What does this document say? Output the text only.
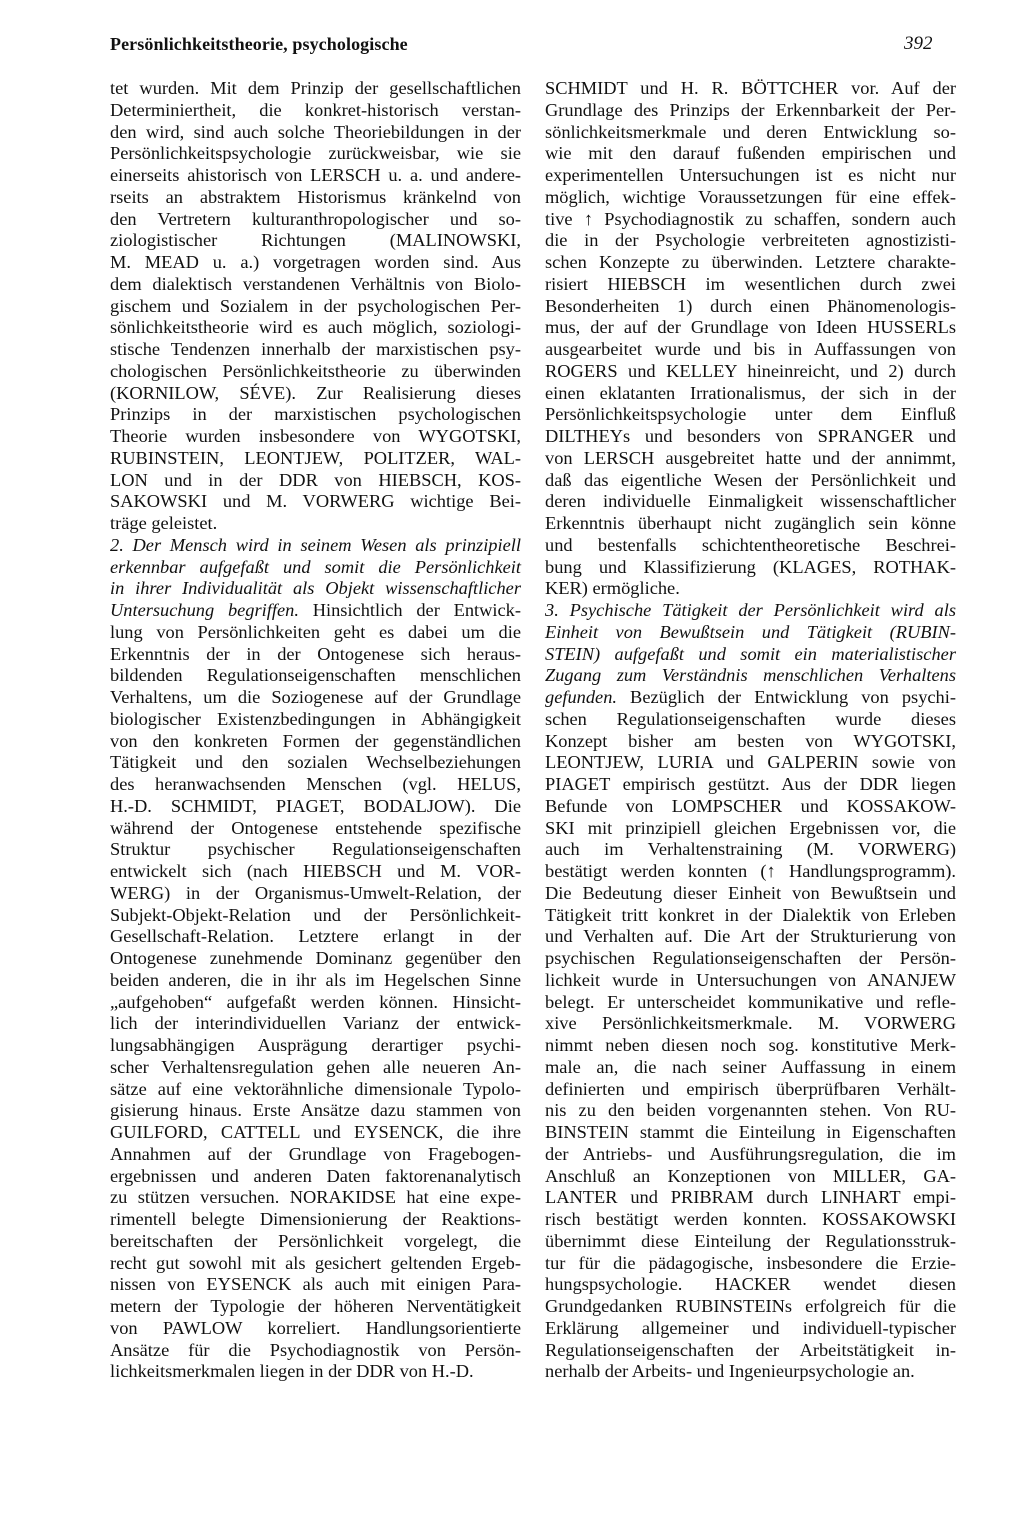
Persönlichkeitstheorie, psychologische	392
tet wurden. Mit dem Prinzip der gesellschaftlichen
Determiniertheit, die konkret-historisch verstan-
den wird, sind auch solche Theoriebildungen in der
Persönlichkeitspsychologie zurückweisbar, wie sie
einerseits ahistorisch von LERSCH u. a. und andere-
rseits an abstraktem Historismus kränkelnd von
den Vertretern kulturanthropologischer und so-
ziologistischer Richtungen (MALINOWSKI,
M. MEAD u. a.) vorgetragen worden sind. Aus
dem dialektisch verstandenen Verhältnis von Biolo-
gischem und Sozialem in der psychologischen Per-
sönlichkeitstheorie wird es auch möglich, soziologi-
stische Tendenzen innerhalb der marxistischen psy-
chologischen Persönlichkeitstheorie zu überwinden
(KORNILOW, SÉVE). Zur Realisierung dieses
Prinzips in der marxistischen psychologischen
Theorie wurden insbesondere von WYGOTSKI,
RUBINSTEIN, LEONTJEW, POLITZER, WAL-
LON und in der DDR von HIEBSCH, KOS-
SAKOWSKI und M. VORWERG wichtige Bei-
träge geleistet.
2. Der Mensch wird in seinem Wesen als prinzipiell
erkennbar aufgefaßt und somit die Persönlichkeit
in ihrer Individualität als Objekt wissenschaftlicher
Untersuchung begriffen. Hinsichtlich der Entwick-
lung von Persönlichkeiten geht es dabei um die
Erkenntnis der in der Ontogenese sich heraus-
bildenden Regulationseigenschaften menschlichen
Verhaltens, um die Soziogenese auf der Grundlage
biologischer Existenzbedingungen in Abhängigkeit
von den konkreten Formen der gegenständlichen
Tätigkeit und den sozialen Wechselbeziehungen
des heranwachsenden Menschen (vgl. HELUS,
H.-D. SCHMIDT, PIAGET, BODALJOW). Die
während der Ontogenese entstehende spezifische
Struktur psychischer Regulationseigenschaften
entwickelt sich (nach HIEBSCH und M. VOR-
WERG) in der Organismus-Umwelt-Relation, der
Subjekt-Objekt-Relation und der Persönlichkeit-
Gesellschaft-Relation. Letztere erlangt in der
Ontogenese zunehmende Dominanz gegenüber den
beiden anderen, die in ihr als im Hegelschen Sinne
„aufgehoben“ aufgefaßt werden können. Hinsicht-
lich der interindividuellen Varianz der entwick-
lungsabhängigen Ausprägung derartiger psychi-
scher Verhaltensregulation gehen alle neueren An-
sätze auf eine vektorähnliche dimensionale Typolo-
gisierung hinaus. Erste Ansätze dazu stammen von
GUILFORD, CATTELL und EYSENCK, die ihre
Annahmen auf der Grundlage von Fragebogen-
ergebnissen und anderen Daten faktorenanalytisch
zu stützen versuchen. NORAKIDSE hat eine expe-
rimentell belegte Dimensionierung der Reaktions-
bereitschaften der Persönlichkeit vorgelegt, die
recht gut sowohl mit als gesichert geltenden Ergeb-
nissen von EYSENCK als auch mit einigen Para-
metern der Typologie der höheren Nerventätigkeit
von PAWLOW korreliert. Handlungsorientierte
Ansätze für die Psychodiagnostik von Persön-
lichkeitsmerkmalen liegen in der DDR von H.-D.
SCHMIDT und H. R. BÖTTCHER vor. Auf der
Grundlage des Prinzips der Erkennbarkeit der Per-
sönlichkeitsmerkmale und deren Entwicklung so-
wie mit den darauf fußenden empirischen und
experimentellen Untersuchungen ist es nicht nur
möglich, wichtige Voraussetzungen für eine effek-
tive ↑ Psychodiagnostik zu schaffen, sondern auch
die in der Psychologie verbreiteten agnostizisti-
schen Konzepte zu überwinden. Letztere charakte-
risiert HIEBSCH im wesentlichen durch zwei
Besonderheiten 1) durch einen Phänomenologis-
mus, der auf der Grundlage von Ideen HUSSERLs
ausgearbeitet wurde und bis in Auffassungen von
ROGERS und KELLEY hineinreicht, und 2) durch
einen eklatanten Irrationalismus, der sich in der
Persönlichkeitspsychologie unter dem Einfluß
DILTHEYs und besonders von SPRANGER und
von LERSCH ausgebreitet hatte und der annimmt,
daß das eigentliche Wesen der Persönlichkeit und
deren individuelle Einmaligkeit wissenschaftlicher
Erkenntnis überhaupt nicht zugänglich sein könne
und bestenfalls schichtentheoretische Beschrei-
bung und Klassifizierung (KLAGES, ROTHAK-
KER) ermögliche.
3. Psychische Tätigkeit der Persönlichkeit wird als
Einheit von Bewußtsein und Tätigkeit (RUBIN-
STEIN) aufgefaßt und somit ein materialistischer
Zugang zum Verständnis menschlichen Verhaltens
gefunden. Bezüglich der Entwicklung von psychi-
schen Regulationseigenschaften wurde dieses
Konzept bisher am besten von WYGOTSKI,
LEONTJEW, LURIA und GALPERIN sowie von
PIAGET empirisch gestützt. Aus der DDR liegen
Befunde von LOMPSCHER und KOSSAKOW-
SKI mit prinzipiell gleichen Ergebnissen vor, die
auch im Verhaltenstraining (M. VORWERG)
bestätigt werden konnten (↑ Handlungsprogramm).
Die Bedeutung dieser Einheit von Bewußtsein und
Tätigkeit tritt konkret in der Dialektik von Erleben
und Verhalten auf. Die Art der Strukturierung von
psychischen Regulationseigenschaften der Persön-
lichkeit wurde in Untersuchungen von ANANJEW
belegt. Er unterscheidet kommunikative und refle-
xive Persönlichkeitsmerkmale. M. VORWERG
nimmt neben diesen noch sog. konstitutive Merk-
male an, die nach seiner Auffassung in einem
definierten und empirisch überprüfbaren Verhält-
nis zu den beiden vorgenannten stehen. Von RU-
BINSTEIN stammt die Einteilung in Eigenschaften
der Antriebs- und Ausführungsregulation, die im
Anschluß an Konzeptionen von MILLER, GA-
LANTER und PRIBRAM durch LINHART empi-
risch bestätigt werden konnten. KOSSAKOWSKI
übernimmt diese Einteilung der Regulationsstruk-
tur für die pädagogische, insbesondere die Erzie-
hungspsychologie. HACKER wendet diesen
Grundgedanken RUBINSTEINs erfolgreich für die
Erklärung allgemeiner und individuell-typischer
Regulationseigenschaften der Arbeitstätigkeit in-
nerhalb der Arbeits- und Ingenieurpsychologie an.
